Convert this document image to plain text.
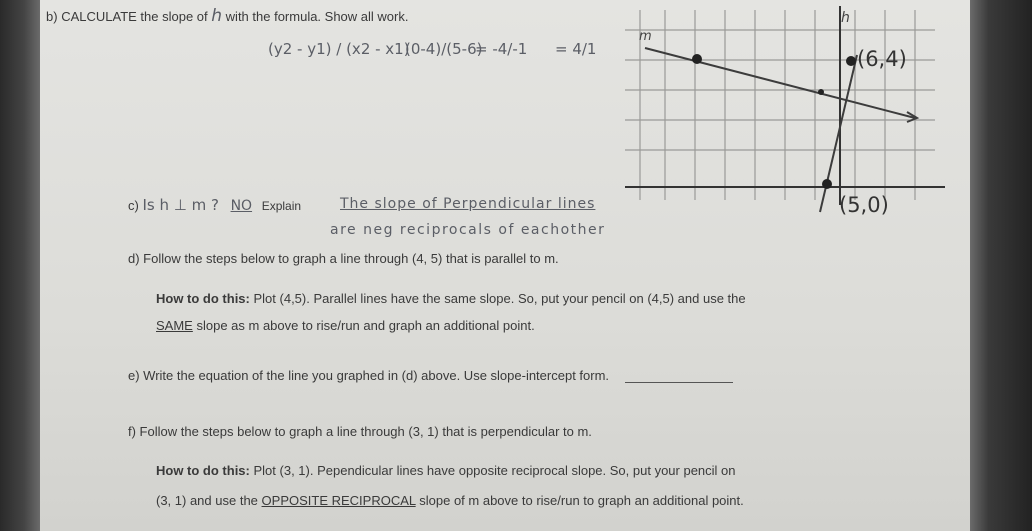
b) CALCULATE the slope of h with the formula. Show all work.
(y2 - y1) / (x2 - x1)
(0-4)/(5-6)
= -4/-1 = 4/1
c) Is h ⊥ m ? NO Explain	The slope of Perpendicular lines
are neg reciprocals of eachother
d) Follow the steps below to graph a line through (4, 5) that is parallel to m.
How to do this: Plot (4,5). Parallel lines have the same slope. So, put your pencil on (4,5) and use the
SAME slope as m above to rise/run and graph an additional point.
e) Write the equation of the line you graphed in (d) above. Use slope-intercept form.
f) Follow the steps below to graph a line through (3, 1) that is perpendicular to m.
How to do this: Plot (3, 1). Pependicular lines have opposite reciprocal slope. So, put your pencil on
(3, 1) and use the OPPOSITE RECIPROCAL slope of m above to rise/run to graph an additional point.
h
m
(6,4)
(5,0)
